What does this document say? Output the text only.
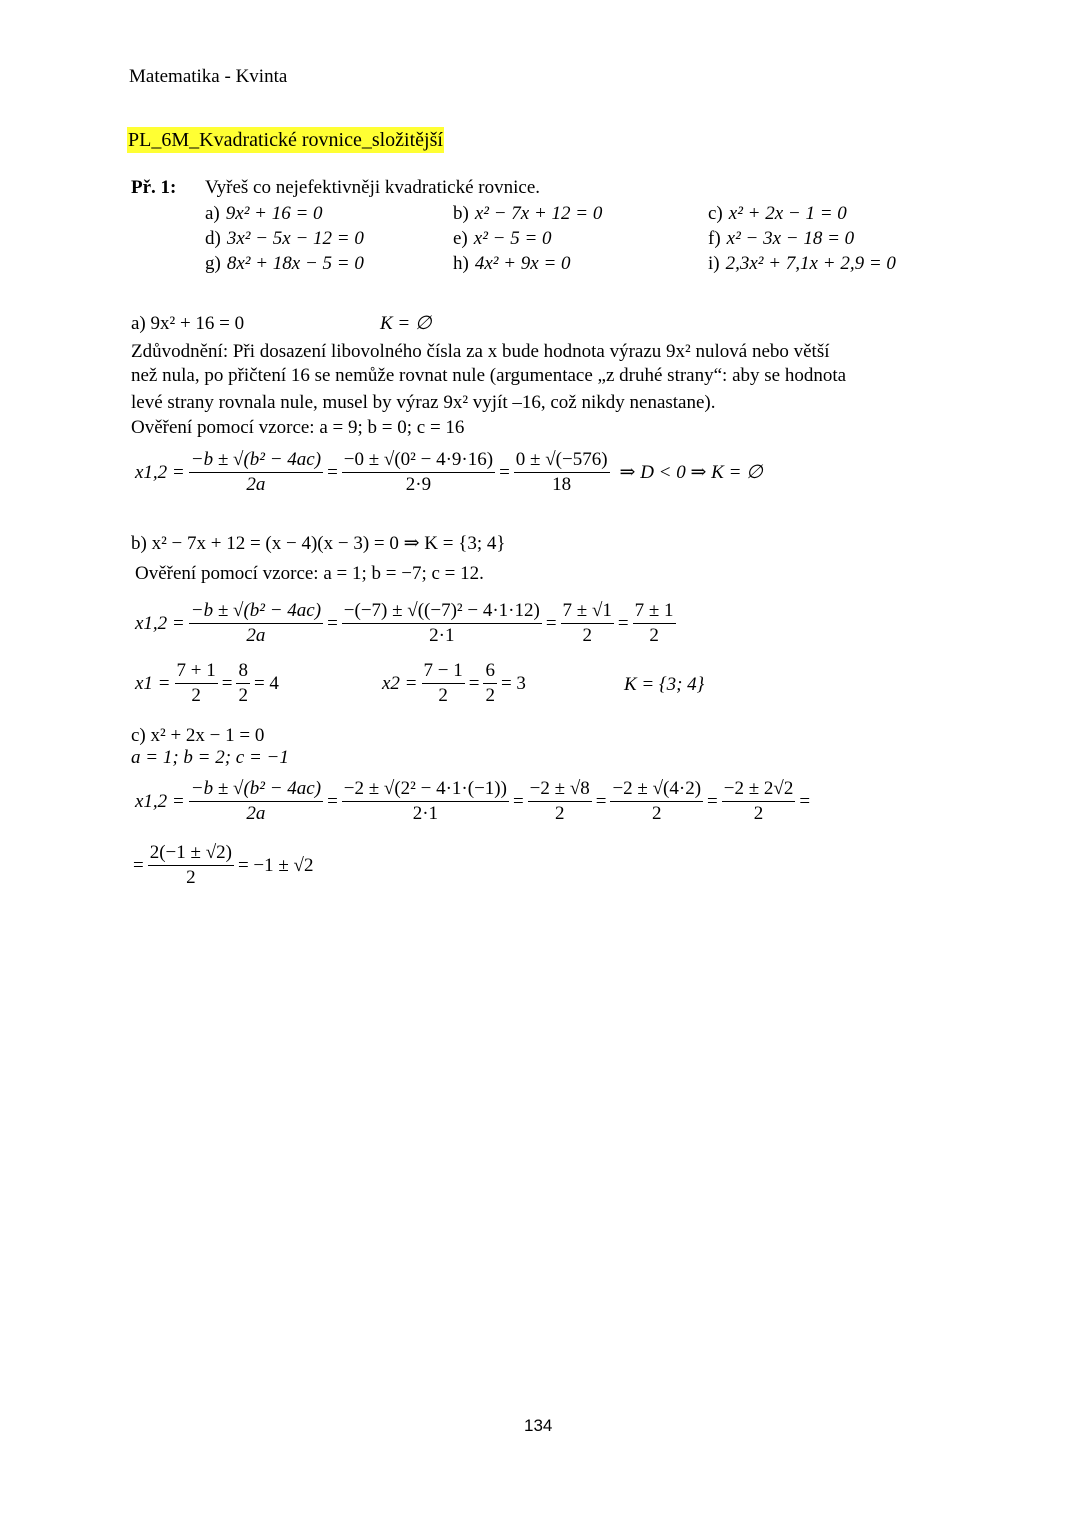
Matematika - Kvinta
PL_6M_Kvadratické rovnice_složitější
Př. 1: Vyřeš co nejefektivněji kvadratické rovnice.
a) 9x² + 16 = 0	b) x² − 7x + 12 = 0	c) x² + 2x − 1 = 0
d) 3x² − 5x − 12 = 0	e) x² − 5 = 0	f) x² − 3x − 18 = 0
g) 8x² + 18x − 5 = 0	h) 4x² + 9x = 0	i) 2,3x² + 7,1x + 2,9 = 0
a) 9x² + 16 = 0	K = ∅
Zdůvodnění: Při dosazení libovolného čísla za x bude hodnota výrazu 9x² nulová nebo větší
než nula, po přičtení 16 se nemůže rovnat nule (argumentace „z druhé strany“: aby se hodnota
levé strany rovnala nule, musel by výraz 9x² vyjít –16, což nikdy nenastane).
Ověření pomocí vzorce: a = 9; b = 0; c = 16
$x1,2 = \frac{\text{−b ± √(b² − 4ac)}}{2a} = \frac{\text{−0 ± √(0² − 4·9·16)}}{2\cdot 9} = \frac{0 \pm √(-576)}{18}$ ⇒ D < 0 ⇒ K = ∅
b) x² − 7x + 12 = (x − 4)(x − 3) = 0 ⇒ K = {3; 4}
Ověření pomocí vzorce: a = 1; b = −7; c = 12.
$x1,2 = \frac{\text{−b ± √(b² − 4ac)}}{2a} = \frac{\text{−(−7) ± √((−7)² − 4·1·12)}}{2\cdot 1} = \frac{7 \pm √1}{2} = \frac{7 \pm 1}{2}$
$x1 = \frac{7 + 1}{2} = \frac{8}{2} = 4$	$x2 = \frac{7 - 1}{2} = \frac{6}{2} = 3$	K = {3; 4}
c) x² + 2x − 1 = 0
a = 1; b = 2; c = −1
$x1,2 = \frac{\text{−b ± √(b² − 4ac)}}{2a} = \frac{\text{−2 ± √(2² − 4·1·(−1))}}{2\cdot 1} = \frac{-2 \pm √8}{2} = \frac{-2 \pm √(4\cdot 2)}{2} = \frac{-2 \pm 2√2}{2}$ =
= $\frac{2(-1 \pm √2)}{2} = -1 \pm √2$
134
